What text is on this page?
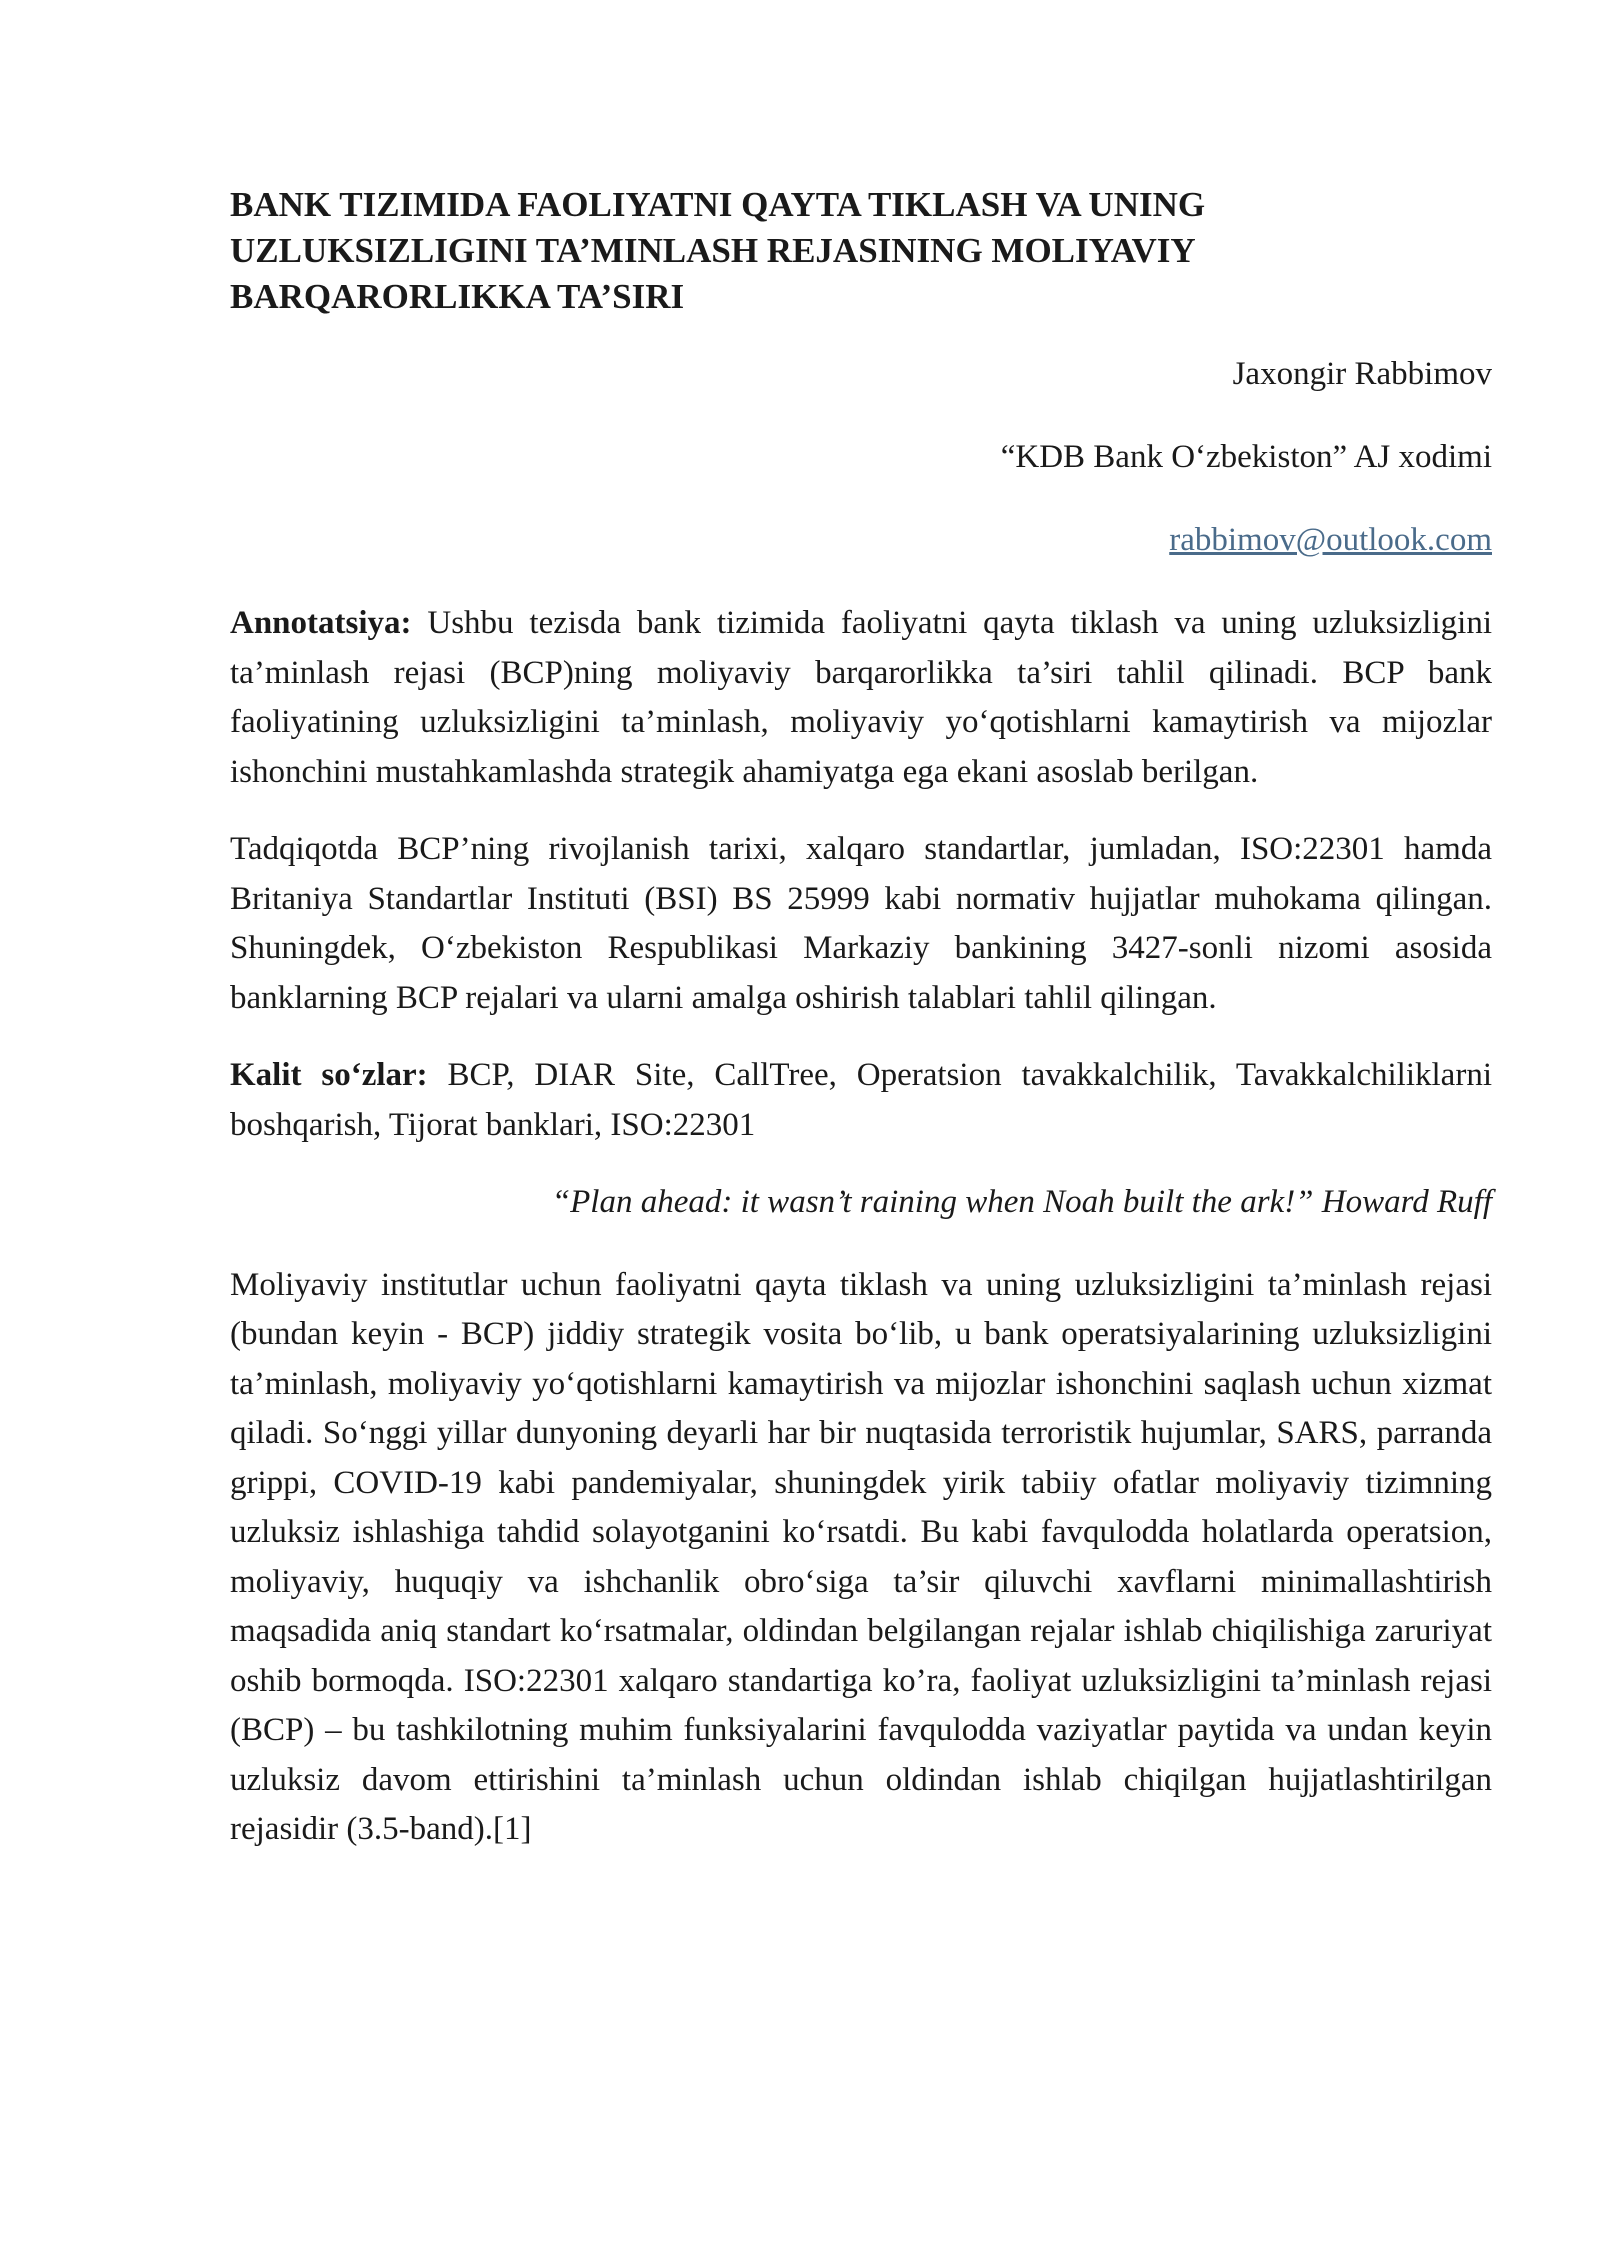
BANK TIZIMIDA FAOLIYATNI QAYTA TIKLASH VA UNING UZLUKSIZLIGINI TA’MINLASH REJASINING MOLIYAVIY BARQARORLIKKA TA’SIRI
Jaxongir Rabbimov
“KDB Bank O‘zbekiston” AJ xodimi
rabbimov@outlook.com

Annotatsiya: Ushbu tezisda bank tizimida faoliyatni qayta tiklash va uning uzluksizligini ta’minlash rejasi (BCP)ning moliyaviy barqarorlikka ta’siri tahlil qilinadi. BCP bank faoliyatining uzluksizligini ta’minlash, moliyaviy yo‘qotishlarni kamaytirish va mijozlar ishonchini mustahkamlashda strategik ahamiyatga ega ekani asoslab berilgan.

Tadqiqotda BCP’ning rivojlanish tarixi, xalqaro standartlar, jumladan, ISO:22301 hamda Britaniya Standartlar Instituti (BSI) BS 25999 kabi normativ hujjatlar muhokama qilingan. Shuningdek, O‘zbekiston Respublikasi Markaziy bankining 3427-sonli nizomi asosida banklarning BCP rejalari va ularni amalga oshirish talablari tahlil qilingan.

Kalit so‘zlar: BCP, DIAR Site, CallTree, Operatsion tavakkalchilik, Tavakkalchiliklarni boshqarish, Tijorat banklari, ISO:22301

“Plan ahead: it wasn’t raining when Noah built the ark!” Howard Ruff

Moliyaviy institutlar uchun faoliyatni qayta tiklash va uning uzluksizligini ta’minlash rejasi (bundan keyin - BCP) jiddiy strategik vosita bo‘lib, u bank operatsiyalarining uzluksizligini ta’minlash, moliyaviy yo‘qotishlarni kamaytirish va mijozlar ishonchini saqlash uchun xizmat qiladi. So‘nggi yillar dunyoning deyarli har bir nuqtasida terroristik hujumlar, SARS, parranda grippi, COVID-19 kabi pandemiyalar, shuningdek yirik tabiiy ofatlar moliyaviy tizimning uzluksiz ishlashiga tahdid solayotganini ko‘rsatdi. Bu kabi favqulodda holatlarda operatsion, moliyaviy, huquqiy va ishchanlik obro‘siga ta’sir qiluvchi xavflarni minimallashtirish maqsadida aniq standart ko‘rsatmalar, oldindan belgilangan rejalar ishlab chiqilishiga zaruriyat oshib bormoqda. ISO:22301 xalqaro standartiga ko’ra, faoliyat uzluksizligini ta’minlash rejasi (BCP) – bu tashkilotning muhim funksiyalarini favqulodda vaziyatlar paytida va undan keyin uzluksiz davom ettirishini ta’minlash uchun oldindan ishlab chiqilgan hujjatlashtirilgan rejasidir (3.5-band).[1]
